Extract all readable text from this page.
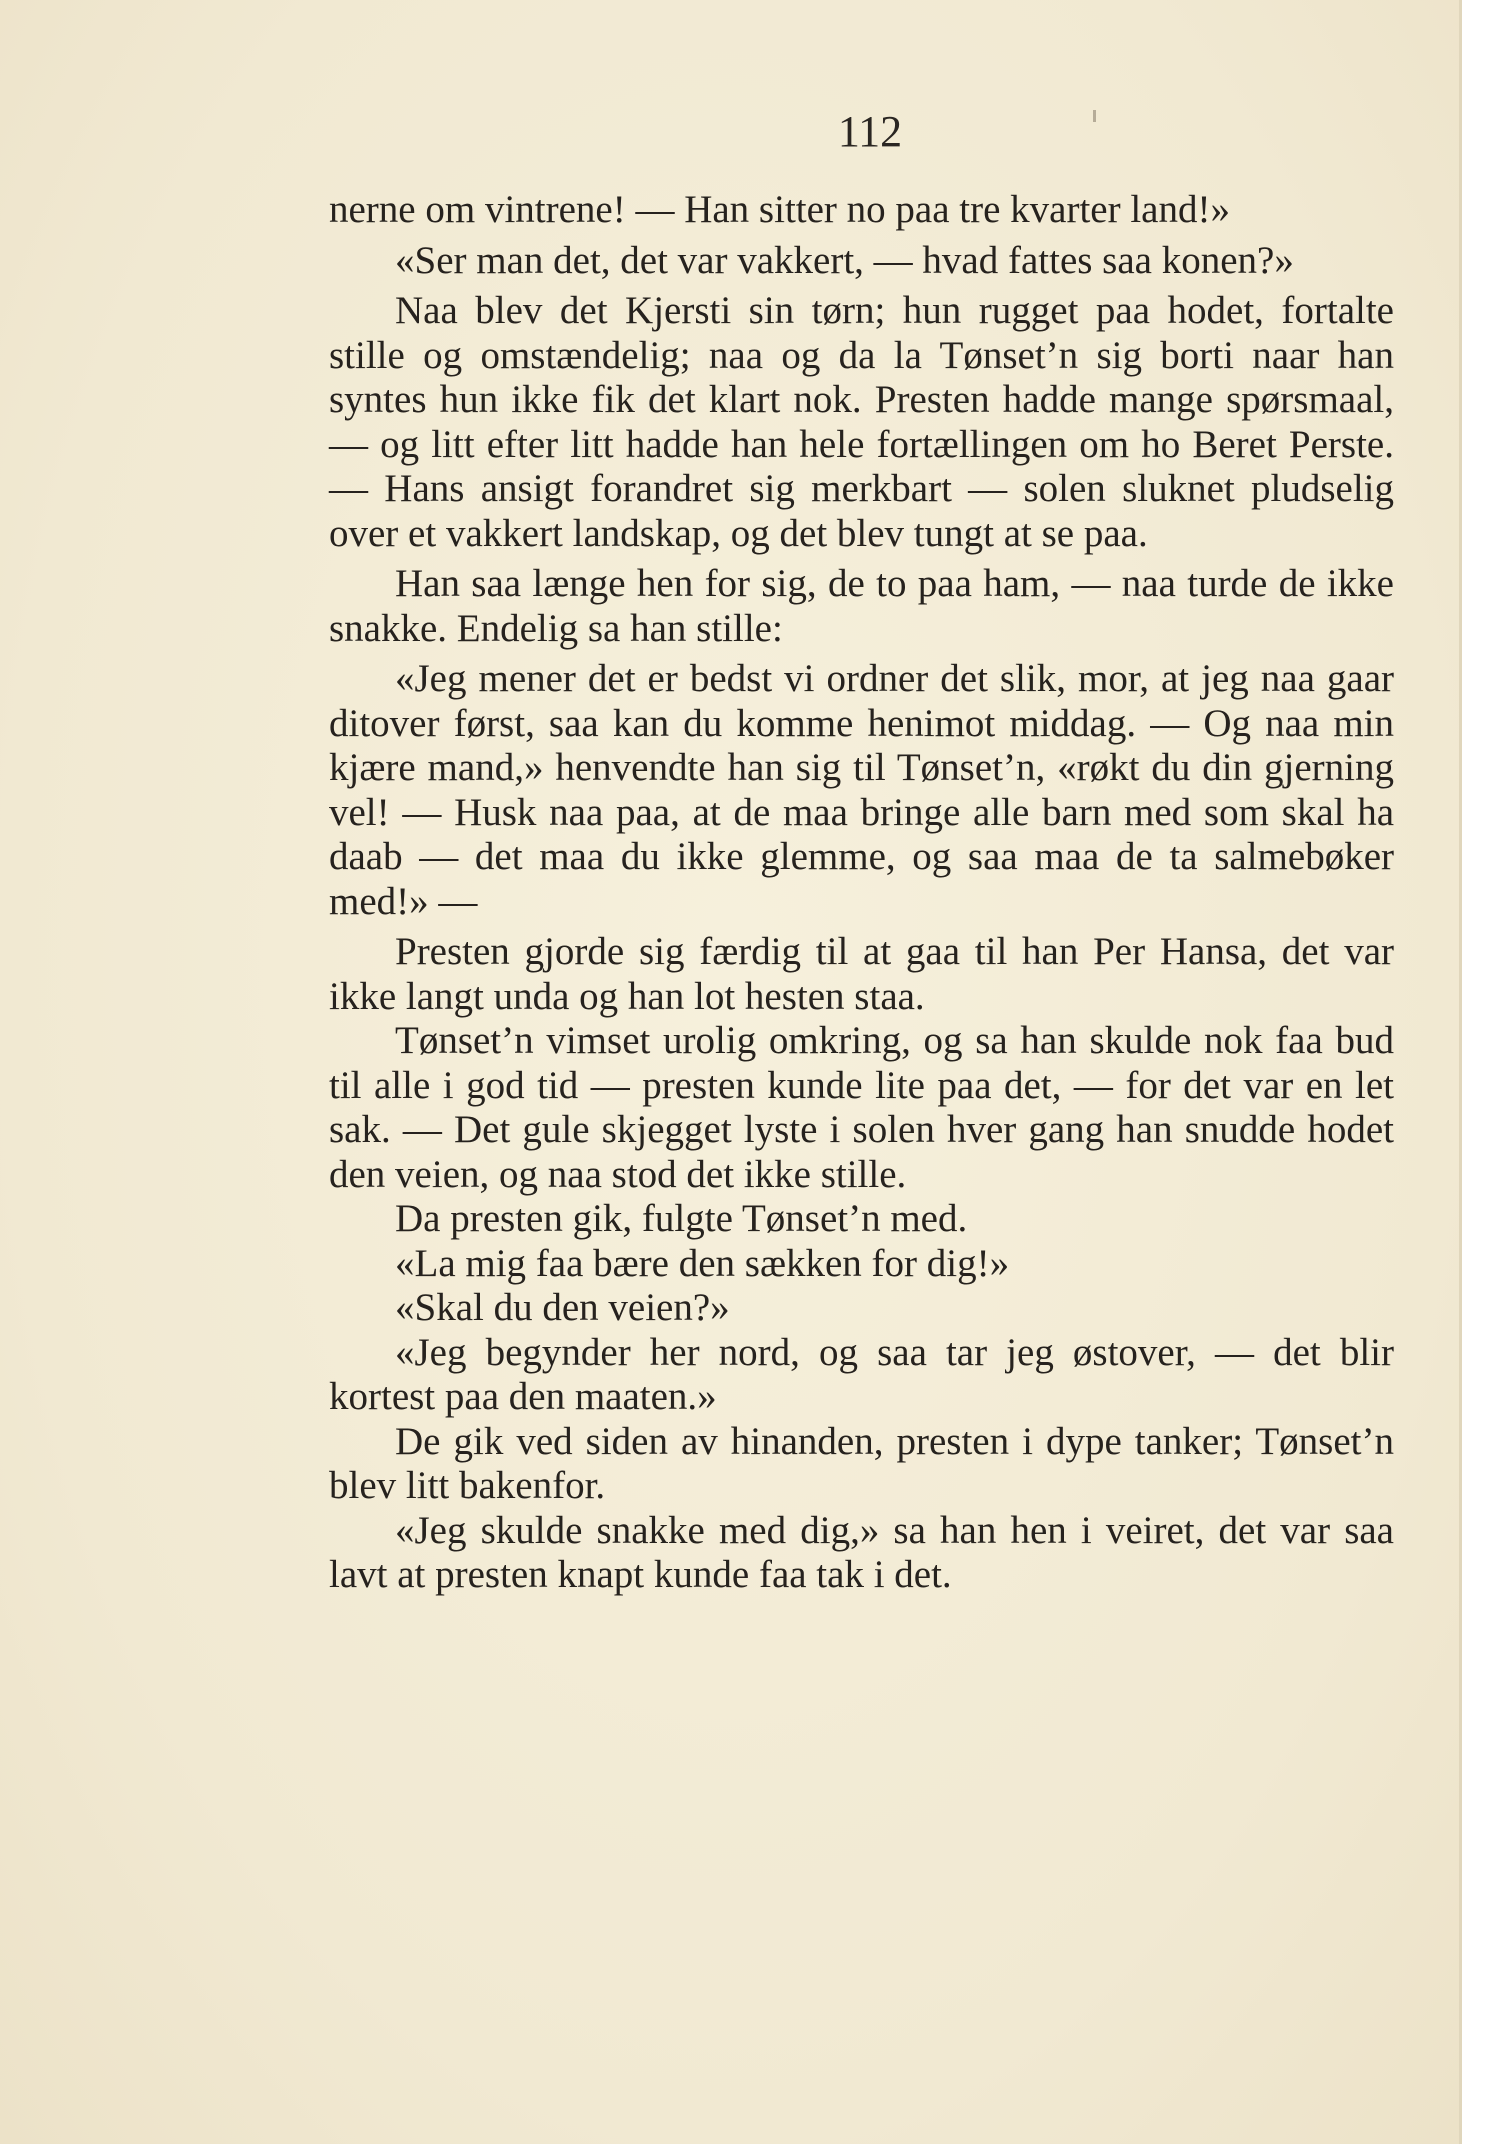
112

nerne om vintrene! — Han sitter no paa tre kvarter land!»

«Ser man det, det var vakkert, — hvad fattes saa konen?»

Naa blev det Kjersti sin tørn; hun rugget paa hodet, fortalte stille og omstændelig; naa og da la Tønset’n sig borti naar han syntes hun ikke fik det klart nok. Presten hadde mange spørsmaal, — og litt efter litt hadde han hele fortællingen om ho Beret Perste. — Hans ansigt forandret sig merkbart — solen sluknet pludselig over et vakkert landskap, og det blev tungt at se paa.

Han saa længe hen for sig, de to paa ham, — naa turde de ikke snakke. Endelig sa han stille:

«Jeg mener det er bedst vi ordner det slik, mor, at jeg naa gaar ditover først, saa kan du komme henimot middag. — Og naa min kjære mand,» henvendte han sig til Tønset’n, «røkt du din gjerning vel! — Husk naa paa, at de maa bringe alle barn med som skal ha daab — det maa du ikke glemme, og saa maa de ta salmebøker med!» —

Presten gjorde sig færdig til at gaa til han Per Hansa, det var ikke langt unda og han lot hesten staa.

Tønset’n vimset urolig omkring, og sa han skulde nok faa bud til alle i god tid — presten kunde lite paa det, — for det var en let sak. — Det gule skjegget lyste i solen hver gang han snudde hodet den veien, og naa stod det ikke stille.

Da presten gik, fulgte Tønset’n med.

«La mig faa bære den sækken for dig!»

«Skal du den veien?»

«Jeg begynder her nord, og saa tar jeg østover, — det blir kortest paa den maaten.»

De gik ved siden av hinanden, presten i dype tanker; Tønset’n blev litt bakenfor.

«Jeg skulde snakke med dig,» sa han hen i veiret, det var saa lavt at presten knapt kunde faa tak i det.
